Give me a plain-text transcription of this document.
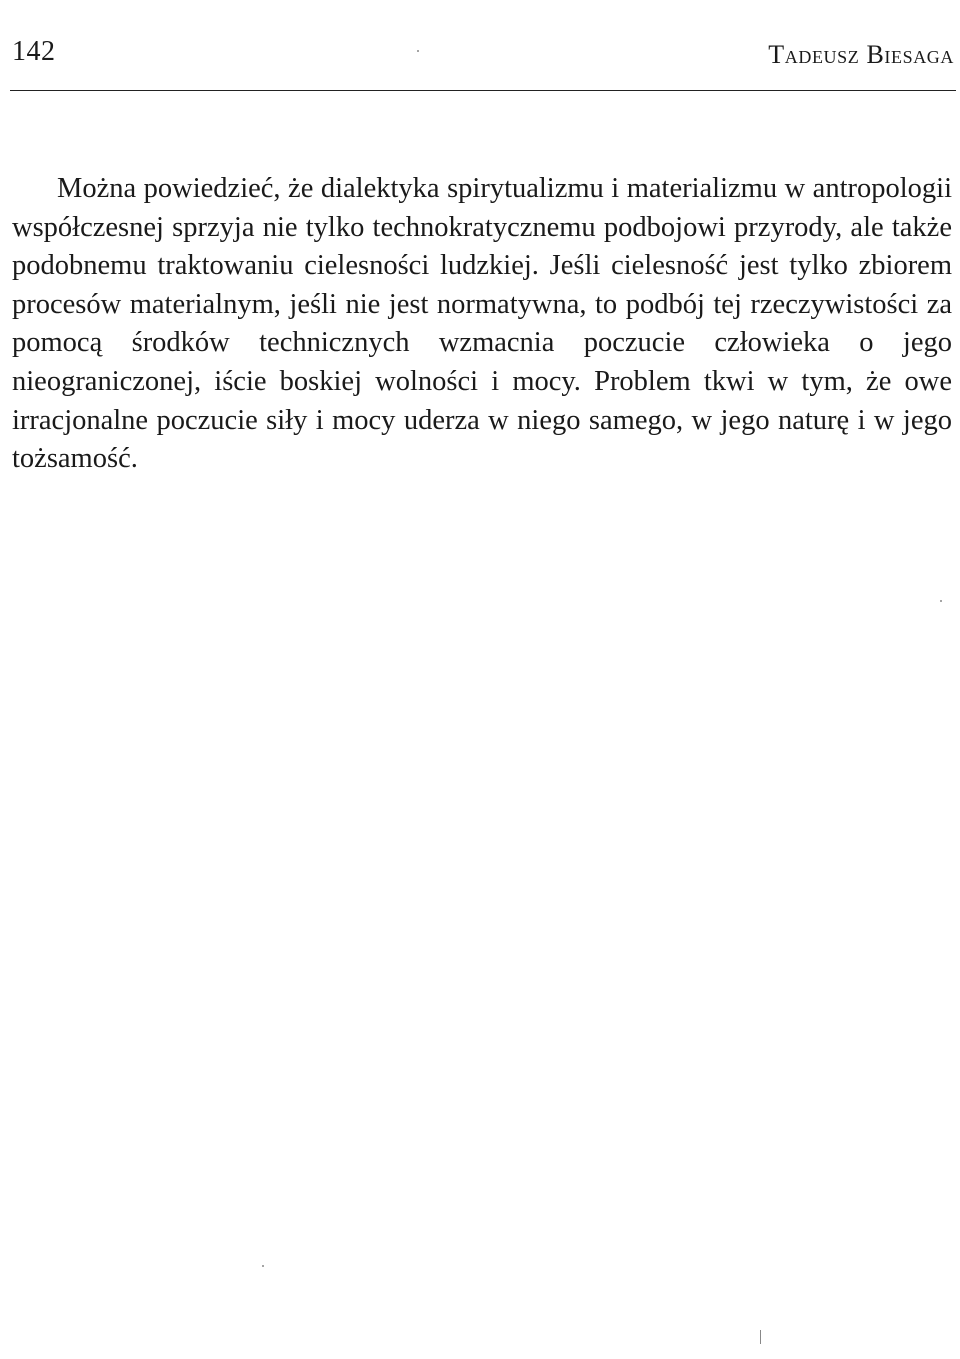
142	Tadeusz Biesaga

Można powiedzieć, że dialektyka spirytualizmu i materializmu w antropologii współczesnej sprzyja nie tylko technokratycznemu podbojowi przyrody, ale także podobnemu traktowaniu cielesności ludzkiej. Jeśli cielesność jest tylko zbiorem procesów materialnym, jeśli nie jest normatywna, to podbój tej rzeczywistości za pomocą środków technicznych wzmacnia poczucie człowieka o jego nieograniczonej, iście boskiej wolności i mocy. Problem tkwi w tym, że owe irracjonalne poczucie siły i mocy uderza w niego samego, w jego naturę i w jego tożsamość.
